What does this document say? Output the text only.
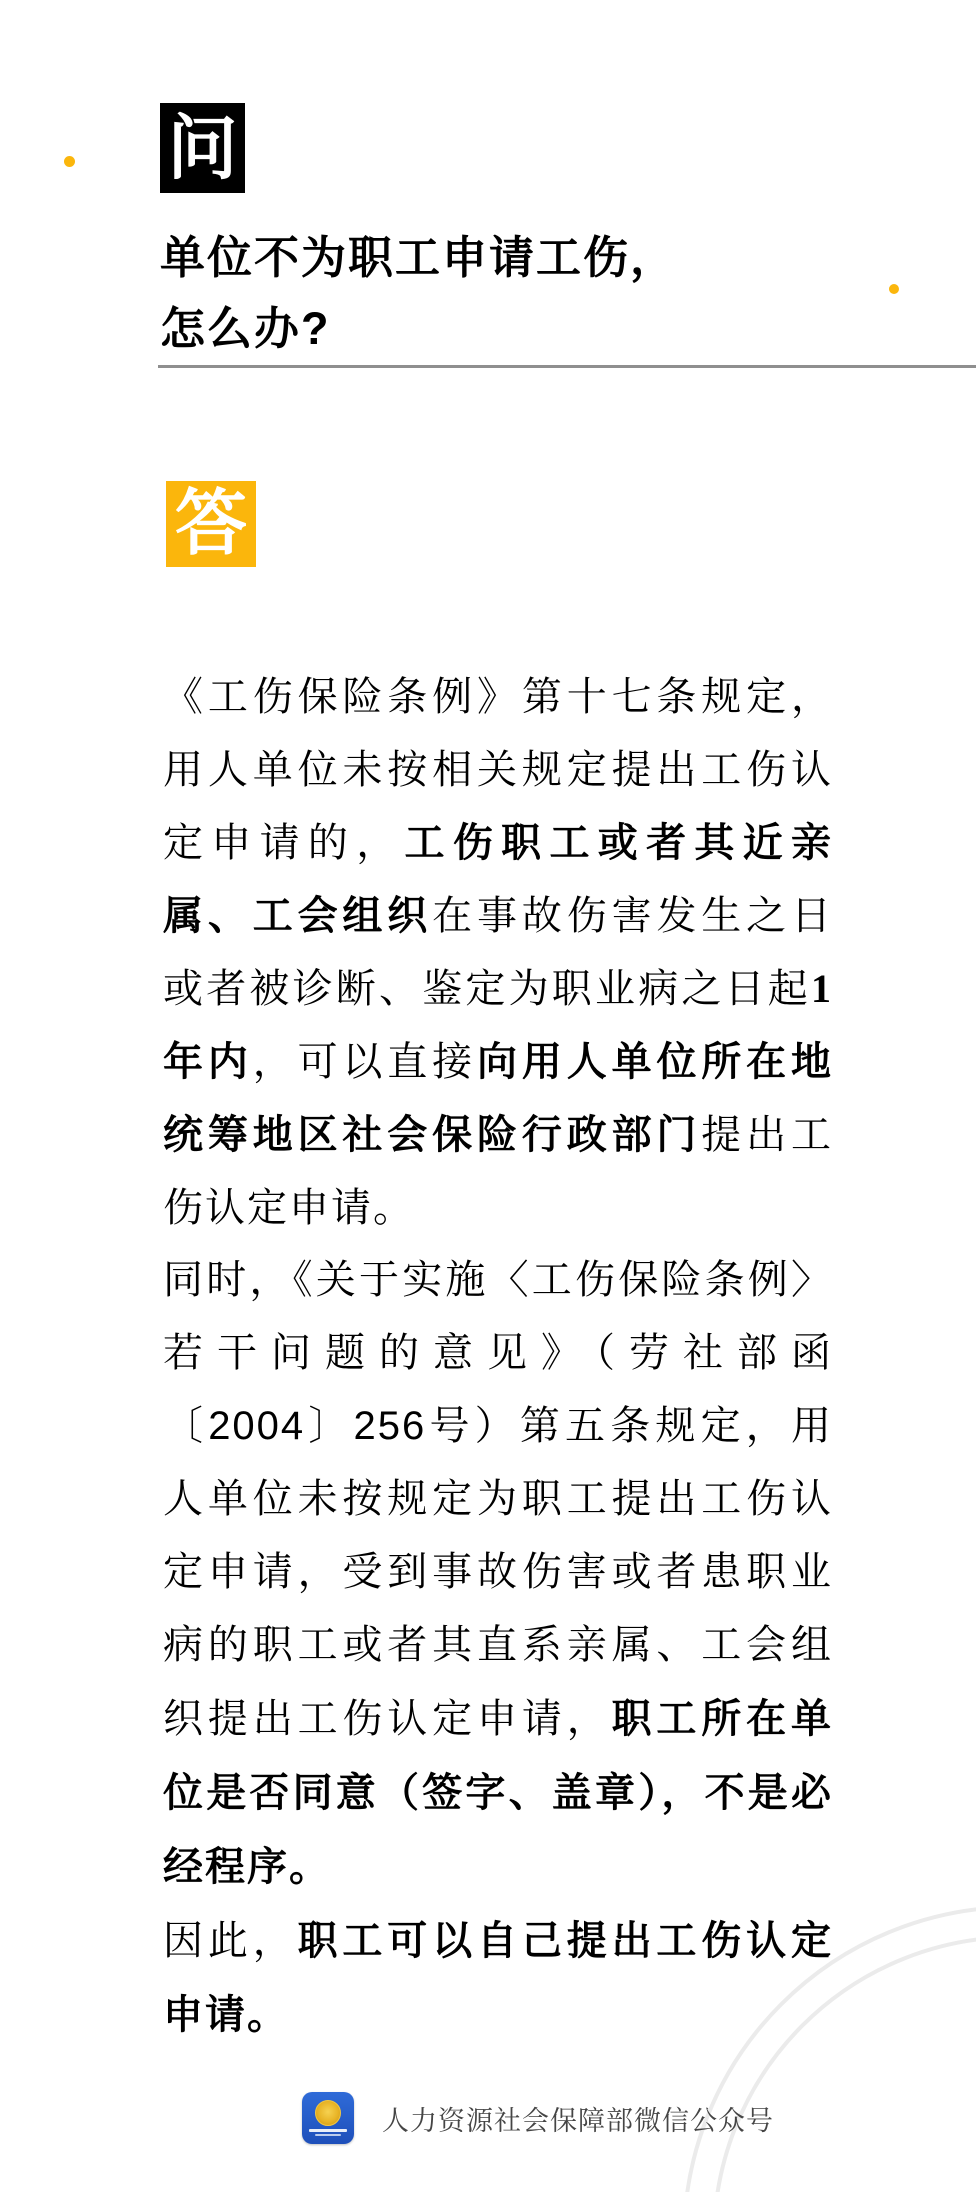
问
单位不为职工申请工伤，
怎么办?
答
《工伤保险条例》第十七条规定，用人单位未按相关规定提出工伤认定申请的，工伤职工或者其近亲属、工会组织在事故伤害发生之日或者被诊断、鉴定为职业病之日起1年内，可以直接向用人单位所在地统筹地区社会保险行政部门提出工伤认定申请。
同时，《关于实施〈工伤保险条例〉若干问题的意见》（劳社部函〔2004〕256号）第五条规定，用人单位未按规定为职工提出工伤认定申请，受到事故伤害或者患职业病的职工或者其直系亲属、工会组织提出工伤认定申请，职工所在单位是否同意（签字、盖章），不是必经程序。
因此，职工可以自己提出工伤认定申请。
人力资源社会保障部微信公众号
